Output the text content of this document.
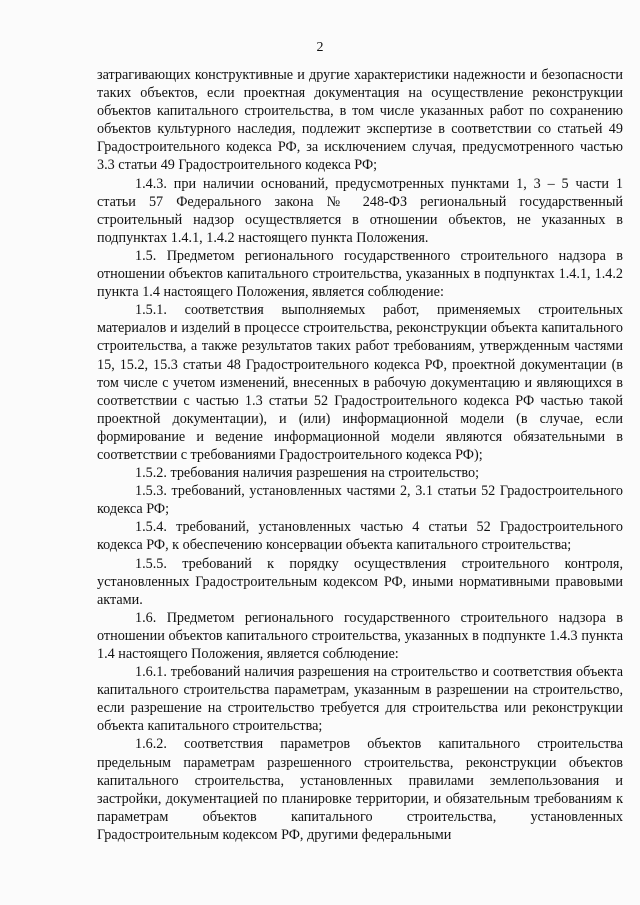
2

затрагивающих конструктивные и другие характеристики надежности и безопасности таких объектов, если проектная документация на осуществление реконструкции объектов капитального строительства, в том числе указанных работ по сохранению объектов культурного наследия, подлежит экспертизе в соответствии со статьей 49 Градостроительного кодекса РФ, за исключением случая, предусмотренного частью 3.3 статьи 49 Градостроительного кодекса РФ;

1.4.3. при наличии оснований, предусмотренных пунктами 1, 3 – 5 части 1 статьи 57 Федерального закона № 248-ФЗ региональный государственный строительный надзор осуществляется в отношении объектов, не указанных в подпунктах 1.4.1, 1.4.2 настоящего пункта Положения.

1.5. Предметом регионального государственного строительного надзора в отношении объектов капитального строительства, указанных в подпунктах 1.4.1, 1.4.2 пункта 1.4 настоящего Положения, является соблюдение:

1.5.1. соответствия выполняемых работ, применяемых строительных материалов и изделий в процессе строительства, реконструкции объекта капитального строительства, а также результатов таких работ требованиям, утвержденным частями 15, 15.2, 15.3 статьи 48 Градостроительного кодекса РФ, проектной документации (в том числе с учетом изменений, внесенных в рабочую документацию и являющихся в соответствии с частью 1.3 статьи 52 Градостроительного кодекса РФ частью такой проектной документации), и (или) информационной модели (в случае, если формирование и ведение информационной модели являются обязательными в соответствии с требованиями Градостроительного кодекса РФ);

1.5.2. требования наличия разрешения на строительство;

1.5.3. требований, установленных частями 2, 3.1 статьи 52 Градостроительного кодекса РФ;

1.5.4. требований, установленных частью 4 статьи 52 Градостроительного кодекса РФ, к обеспечению консервации объекта капитального строительства;

1.5.5. требований к порядку осуществления строительного контроля, установленных Градостроительным кодексом РФ, иными нормативными правовыми актами.

1.6. Предметом регионального государственного строительного надзора в отношении объектов капитального строительства, указанных в подпункте 1.4.3 пункта 1.4 настоящего Положения, является соблюдение:

1.6.1. требований наличия разрешения на строительство и соответствия объекта капитального строительства параметрам, указанным в разрешении на строительство, если разрешение на строительство требуется для строительства или реконструкции объекта капитального строительства;

1.6.2. соответствия параметров объектов капитального строительства предельным параметрам разрешенного строительства, реконструкции объектов капитального строительства, установленных правилами землепользования и застройки, документацией по планировке территории, и обязательным требованиям к параметрам объектов капитального строительства, установленных Градостроительным кодексом РФ, другими федеральными
